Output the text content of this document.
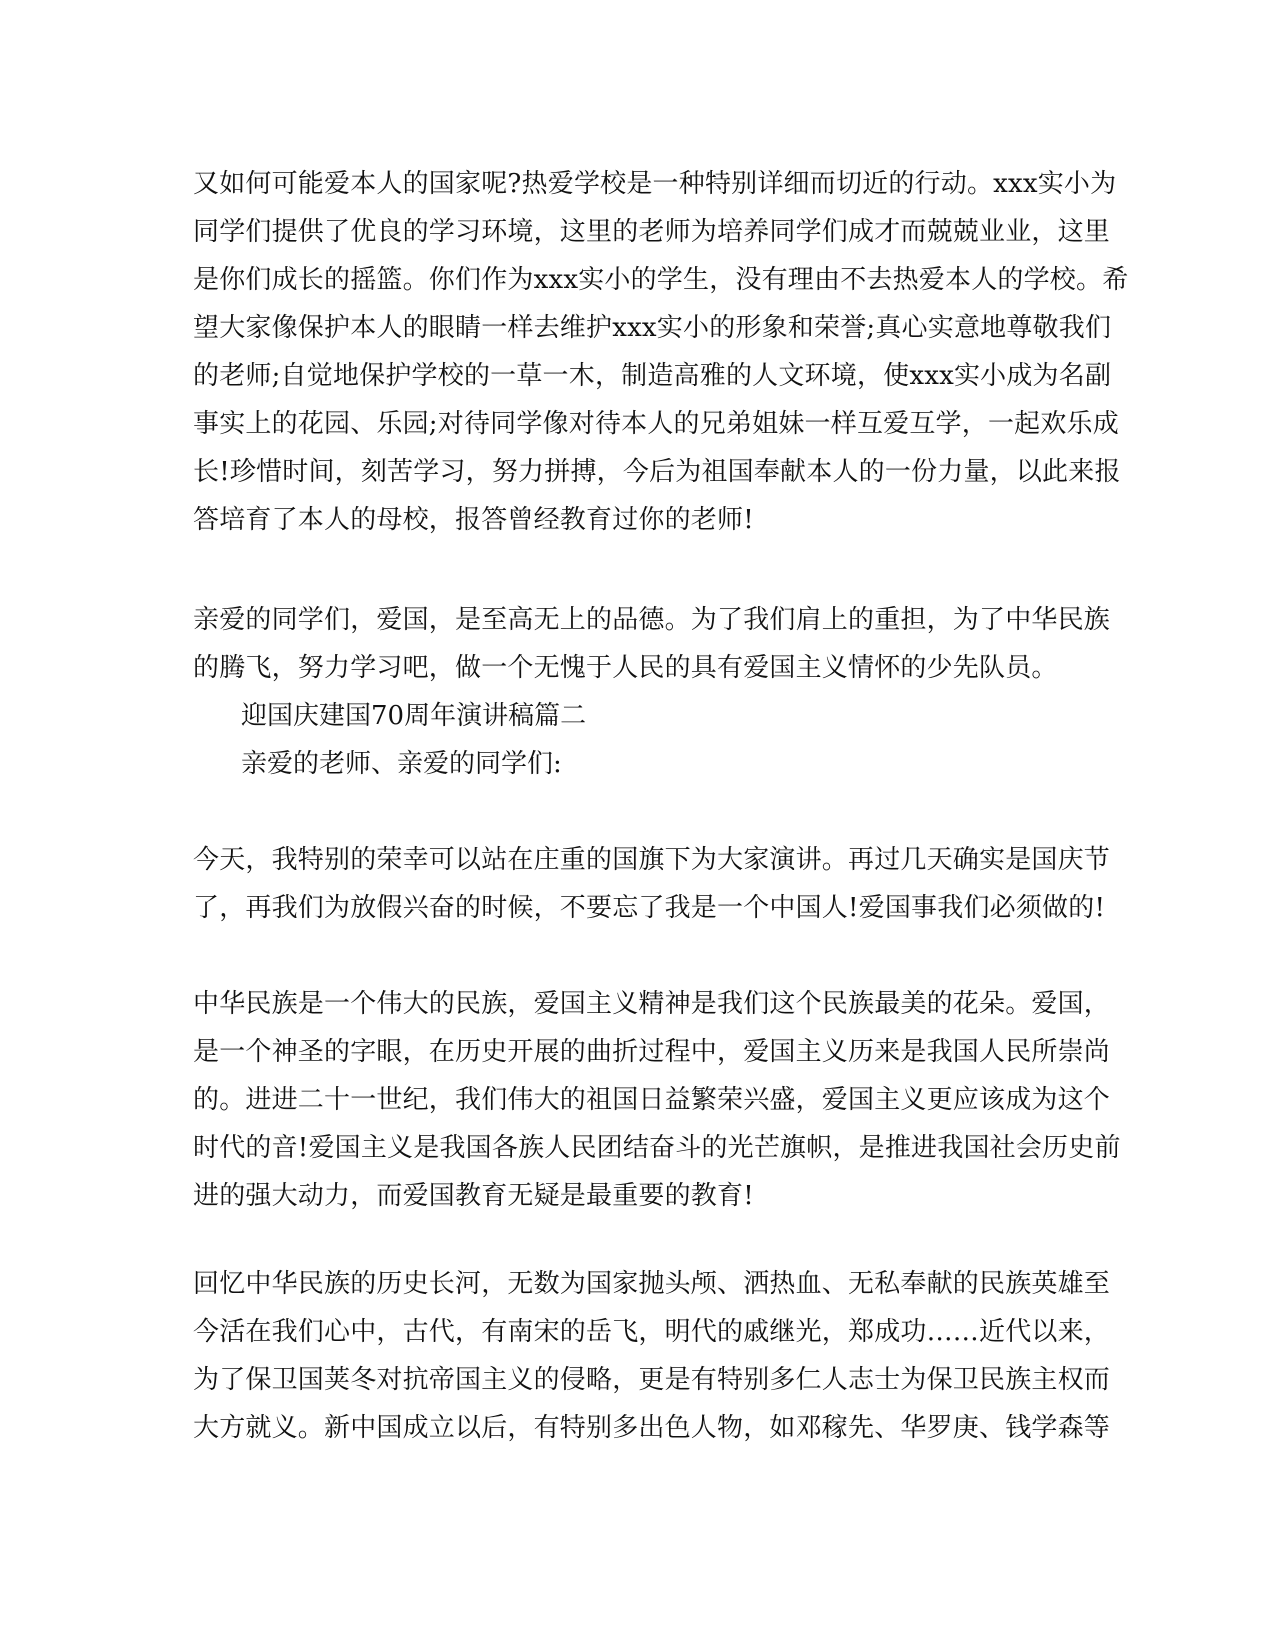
又如何可能爱本人的国家呢?热爱学校是一种特别详细而切近的行动。xxx实小为
同学们提供了优良的学习环境，这里的老师为培养同学们成才而兢兢业业，这里
是你们成长的摇篮。你们作为xxx实小的学生，没有理由不去热爱本人的学校。希
望大家像保护本人的眼睛一样去维护xxx实小的形象和荣誉;真心实意地尊敬我们
的老师;自觉地保护学校的一草一木，制造高雅的人文环境，使xxx实小成为名副
事实上的花园、乐园;对待同学像对待本人的兄弟姐妹一样互爱互学，一起欢乐成
长!珍惜时间，刻苦学习，努力拼搏，今后为祖国奉献本人的一份力量，以此来报
答培育了本人的母校，报答曾经教育过你的老师!
亲爱的同学们，爱国，是至高无上的品德。为了我们肩上的重担，为了中华民族
的腾飞，努力学习吧，做一个无愧于人民的具有爱国主义情怀的少先队员。
迎国庆建国70周年演讲稿篇二
亲爱的老师、亲爱的同学们:
今天，我特别的荣幸可以站在庄重的国旗下为大家演讲。再过几天确实是国庆节
了，再我们为放假兴奋的时候，不要忘了我是一个中国人!爱国事我们必须做的!
中华民族是一个伟大的民族，爱国主义精神是我们这个民族最美的花朵。爱国，
是一个神圣的字眼，在历史开展的曲折过程中，爱国主义历来是我国人民所崇尚
的。进进二十一世纪，我们伟大的祖国日益繁荣兴盛，爱国主义更应该成为这个
时代的音!爱国主义是我国各族人民团结奋斗的光芒旗帜，是推进我国社会历史前
进的强大动力，而爱国教育无疑是最重要的教育!
回忆中华民族的历史长河，无数为国家抛头颅、洒热血、无私奉献的民族英雄至
今活在我们心中，古代，有南宋的岳飞，明代的戚继光，郑成功……近代以来，
为了保卫国荚冬对抗帝国主义的侵略，更是有特别多仁人志士为保卫民族主权而
大方就义。新中国成立以后，有特别多出色人物，如邓稼先、华罗庚、钱学森等
